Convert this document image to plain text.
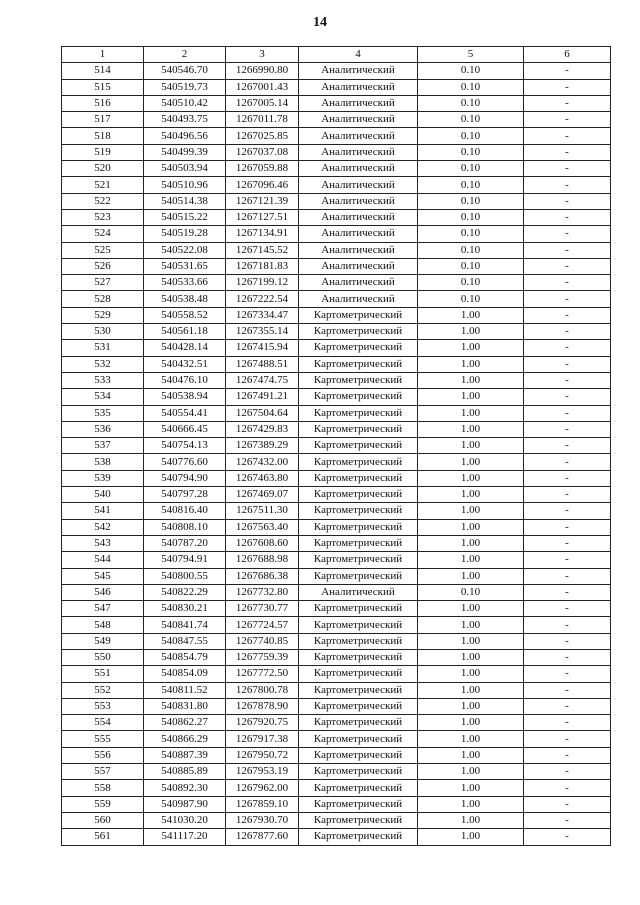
14
1	2	3	4	5	6
514	540546.70	1266990.80	Аналитический	0.10	-
515	540519.73	1267001.43	Аналитический	0.10	-
516	540510.42	1267005.14	Аналитический	0.10	-
517	540493.75	1267011.78	Аналитический	0.10	-
518	540496.56	1267025.85	Аналитический	0.10	-
519	540499.39	1267037.08	Аналитический	0.10	-
520	540503.94	1267059.88	Аналитический	0.10	-
521	540510.96	1267096.46	Аналитический	0.10	-
522	540514.38	1267121.39	Аналитический	0.10	-
523	540515.22	1267127.51	Аналитический	0.10	-
524	540519.28	1267134.91	Аналитический	0.10	-
525	540522.08	1267145.52	Аналитический	0.10	-
526	540531.65	1267181.83	Аналитический	0.10	-
527	540533.66	1267199.12	Аналитический	0.10	-
528	540538.48	1267222.54	Аналитический	0.10	-
529	540558.52	1267334.47	Картометрический	1.00	-
530	540561.18	1267355.14	Картометрический	1.00	-
531	540428.14	1267415.94	Картометрический	1.00	-
532	540432.51	1267488.51	Картометрический	1.00	-
533	540476.10	1267474.75	Картометрический	1.00	-
534	540538.94	1267491.21	Картометрический	1.00	-
535	540554.41	1267504.64	Картометрический	1.00	-
536	540666.45	1267429.83	Картометрический	1.00	-
537	540754.13	1267389.29	Картометрический	1.00	-
538	540776.60	1267432.00	Картометрический	1.00	-
539	540794.90	1267463.80	Картометрический	1.00	-
540	540797.28	1267469.07	Картометрический	1.00	-
541	540816.40	1267511.30	Картометрический	1.00	-
542	540808.10	1267563.40	Картометрический	1.00	-
543	540787.20	1267608.60	Картометрический	1.00	-
544	540794.91	1267688.98	Картометрический	1.00	-
545	540800.55	1267686.38	Картометрический	1.00	-
546	540822.29	1267732.80	Аналитический	0.10	-
547	540830.21	1267730.77	Картометрический	1.00	-
548	540841.74	1267724.57	Картометрический	1.00	-
549	540847.55	1267740.85	Картометрический	1.00	-
550	540854.79	1267759.39	Картометрический	1.00	-
551	540854.09	1267772.50	Картометрический	1.00	-
552	540811.52	1267800.78	Картометрический	1.00	-
553	540831.80	1267878.90	Картометрический	1.00	-
554	540862.27	1267920.75	Картометрический	1.00	-
555	540866.29	1267917.38	Картометрический	1.00	-
556	540887.39	1267950.72	Картометрический	1.00	-
557	540885.89	1267953.19	Картометрический	1.00	-
558	540892.30	1267962.00	Картометрический	1.00	-
559	540987.90	1267859.10	Картометрический	1.00	-
560	541030.20	1267930.70	Картометрический	1.00	-
561	541117.20	1267877.60	Картометрический	1.00	-
